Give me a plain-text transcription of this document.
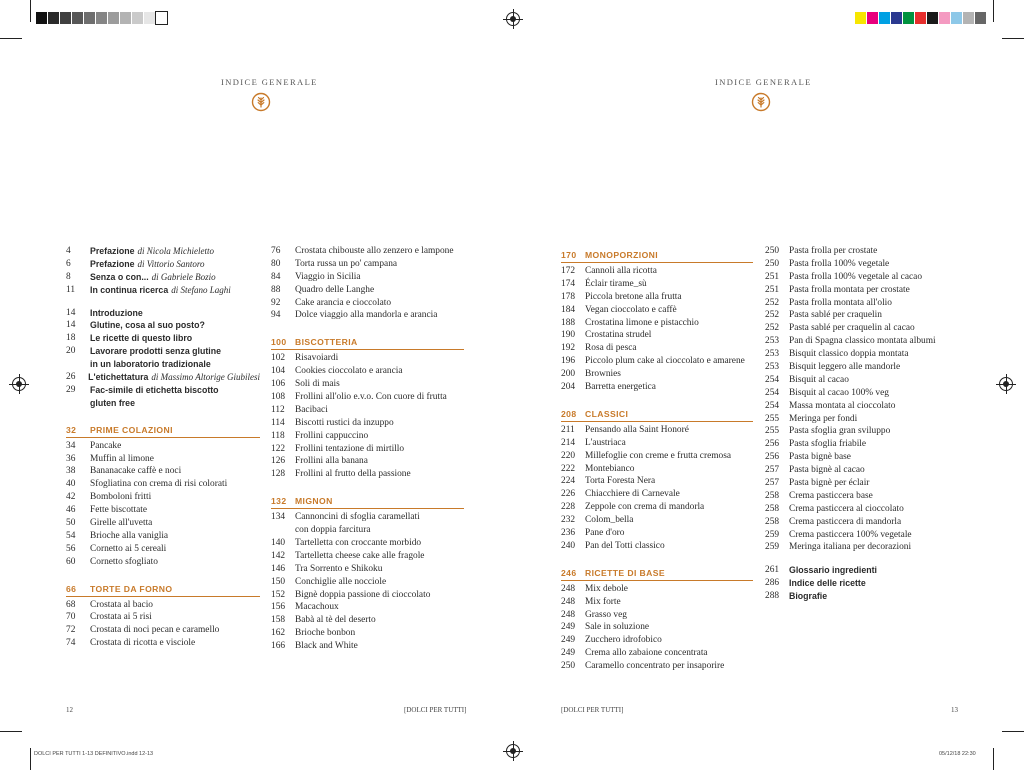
INDICE GENERALE	INDICE GENERALE
4	Prefazione di Nicola Michieletto
6	Prefazione di Vittorio Santoro
8	Senza o con... di Gabriele Bozio
11	In continua ricerca di Stefano Laghi
14	Introduzione
14	Glutine, cosa al suo posto?
18	Le ricette di questo libro
20	Lavorare prodotti senza glutine
in un laboratorio tradizionale
26	L'etichettatura di Massimo Altorige Giubilesi
29	Fac-simile di etichetta biscotto
gluten free
32	PRIME COLAZIONI
34	Pancake
36	Muffin al limone
38	Bananacake caffè e noci
40	Sfogliatina con crema di risi colorati
42	Bomboloni fritti
46	Fette biscottate
50	Girelle all'uvetta
54	Brioche alla vaniglia
56	Cornetto ai 5 cereali
60	Cornetto sfogliato
66	TORTE DA FORNO
68	Crostata al bacio
70	Crostata ai 5 risi
72	Crostata di noci pecan e caramello
74	Crostata di ricotta e visciole
76	Crostata chibouste allo zenzero e lampone
80	Torta russa un po' campana
84	Viaggio in Sicilia
88	Quadro delle Langhe
92	Cake arancia e cioccolato
94	Dolce viaggio alla mandorla e arancia
100 BISCOTTERIA
102	Risavoiardi
104	Cookies cioccolato e arancia
106	Soli di mais
108	Frollini all'olio e.v.o. Con cuore di frutta
112	Bacibaci
114	Biscotti rustici da inzuppo
118	Frollini cappuccino
122	Frollini tentazione di mirtillo
126	Frollini alla banana
128	Frollini al frutto della passione
132 MIGNON
134	Cannoncini di sfoglia caramellati
con doppia farcitura
140	Tartelletta con croccante morbido
142	Tartelletta cheese cake alle fragole
146	Tra Sorrento e Shikoku
150	Conchiglie alle nocciole
152	Bignè doppia passione di cioccolato
156	Macachoux
158	Babà al tè del deserto
162	Brioche bonbon
166	Black and White
170 MONOPORZIONI
172	Cannoli alla ricotta
174	Éclair tirame_sù
178	Piccola bretone alla frutta
184	Vegan cioccolato e caffè
188	Crostatina limone e pistacchio
190	Crostatina strudel
192	Rosa di pesca
196	Piccolo plum cake al cioccolato e amarene
200	Brownies
204	Barretta energetica
208 CLASSICI
211	Pensando alla Saint Honoré
214	L'austriaca
220	Millefoglie con creme e frutta cremosa
222	Montebianco
224	Torta Foresta Nera
226	Chiacchiere di Carnevale
228	Zeppole con crema di mandorla
232	Colom_bella
236	Pane d'oro
240	Pan del Totti classico
246 RICETTE DI BASE
248	Mix debole
248	Mix forte
248	Grasso veg
249	Sale in soluzione
249	Zucchero idrofobico
249	Crema allo zabaione concentrata
250	Caramello concentrato per insaporire
250	Pasta frolla per crostate
250	Pasta frolla 100% vegetale
251	Pasta frolla 100% vegetale al cacao
251	Pasta frolla montata per crostate
252	Pasta frolla montata all'olio
252	Pasta sablé per craquelin
252	Pasta sablé per craquelin al cacao
253	Pan di Spagna classico montata albumi
253	Bisquit classico doppia montata
253	Bisquit leggero alle mandorle
254	Bisquit al cacao
254	Bisquit al cacao 100% veg
254	Massa montata al cioccolato
255	Meringa per fondi
255	Pasta sfoglia gran sviluppo
256	Pasta sfoglia friabile
256	Pasta bignè base
257	Pasta bignè al cacao
257	Pasta bignè per éclair
258	Crema pasticcera base
258	Crema pasticcera al cioccolato
258	Crema pasticcera di mandorla
259	Crema pasticcera 100% vegetale
259	Meringa italiana per decorazioni
261	Glossario ingredienti
286	Indice delle ricette
288	Biografie
12	[DOLCI PER TUTTI]	[DOLCI PER TUTTI]	13
DOLCI PER TUTTI 1-13 DEFINITIVO.indd 12-13	05/12/18 22:30
